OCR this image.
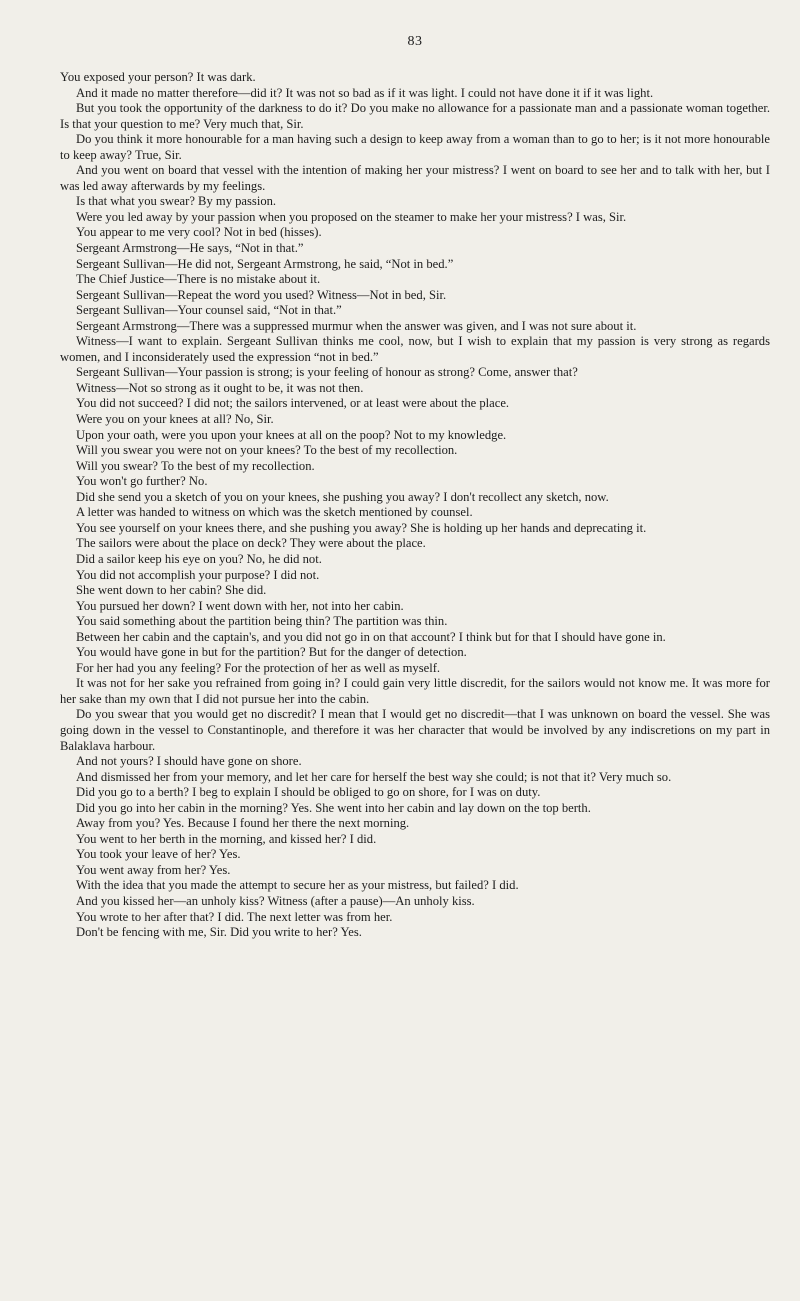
83

You exposed your person? It was dark.

And it made no matter therefore—did it? It was not so bad as if it was light. I could not have done it if it was light.

But you took the opportunity of the darkness to do it? Do you make no allowance for a passionate man and a passionate woman together. Is that your question to me? Very much that, Sir.

Do you think it more honourable for a man having such a design to keep away from a woman than to go to her; is it not more honourable to keep away? True, Sir.

And you went on board that vessel with the intention of making her your mistress? I went on board to see her and to talk with her, but I was led away afterwards by my feelings.

Is that what you swear? By my passion.

Were you led away by your passion when you proposed on the steamer to make her your mistress? I was, Sir.

You appear to me very cool? Not in bed (hisses).

Sergeant Armstrong—He says, “Not in that.”

Sergeant Sullivan—He did not, Sergeant Armstrong, he said, “Not in bed.”

The Chief Justice—There is no mistake about it.

Sergeant Sullivan—Repeat the word you used? Witness—Not in bed, Sir.

Sergeant Sullivan—Your counsel said, “Not in that.”

Sergeant Armstrong—There was a suppressed murmur when the answer was given, and I was not sure about it.

Witness—I want to explain. Sergeant Sullivan thinks me cool, now, but I wish to explain that my passion is very strong as regards women, and I inconsiderately used the expression “not in bed.”

Sergeant Sullivan—Your passion is strong; is your feeling of honour as strong? Come, answer that?

Witness—Not so strong as it ought to be, it was not then.

You did not succeed? I did not; the sailors intervened, or at least were about the place.

Were you on your knees at all? No, Sir.

Upon your oath, were you upon your knees at all on the poop? Not to my knowledge.

Will you swear you were not on your knees? To the best of my recollection.

Will you swear? To the best of my recollection.

You won't go further? No.

Did she send you a sketch of you on your knees, she pushing you away? I don't recollect any sketch, now.

A letter was handed to witness on which was the sketch mentioned by counsel.

You see yourself on your knees there, and she pushing you away? She is holding up her hands and deprecating it.

The sailors were about the place on deck? They were about the place.

Did a sailor keep his eye on you? No, he did not.

You did not accomplish your purpose? I did not.

She went down to her cabin? She did.

You pursued her down? I went down with her, not into her cabin.

You said something about the partition being thin? The partition was thin.

Between her cabin and the captain's, and you did not go in on that account? I think but for that I should have gone in.

You would have gone in but for the partition? But for the danger of detection.

For her had you any feeling? For the protection of her as well as myself.

It was not for her sake you refrained from going in? I could gain very little discredit, for the sailors would not know me. It was more for her sake than my own that I did not pursue her into the cabin.

Do you swear that you would get no discredit? I mean that I would get no discredit—that I was unknown on board the vessel. She was going down in the vessel to Constantinople, and therefore it was her character that would be involved by any indiscretions on my part in Balaklava harbour.

And not yours? I should have gone on shore.

And dismissed her from your memory, and let her care for herself the best way she could; is not that it? Very much so.

Did you go to a berth? I beg to explain I should be obliged to go on shore, for I was on duty.

Did you go into her cabin in the morning? Yes. She went into her cabin and lay down on the top berth.

Away from you? Yes. Because I found her there the next morning.

You went to her berth in the morning, and kissed her? I did.

You took your leave of her? Yes.

You went away from her? Yes.

With the idea that you made the attempt to secure her as your mistress, but failed? I did.

And you kissed her—an unholy kiss? Witness (after a pause)—An unholy kiss.

You wrote to her after that? I did. The next letter was from her.

Don't be fencing with me, Sir. Did you write to her? Yes.
